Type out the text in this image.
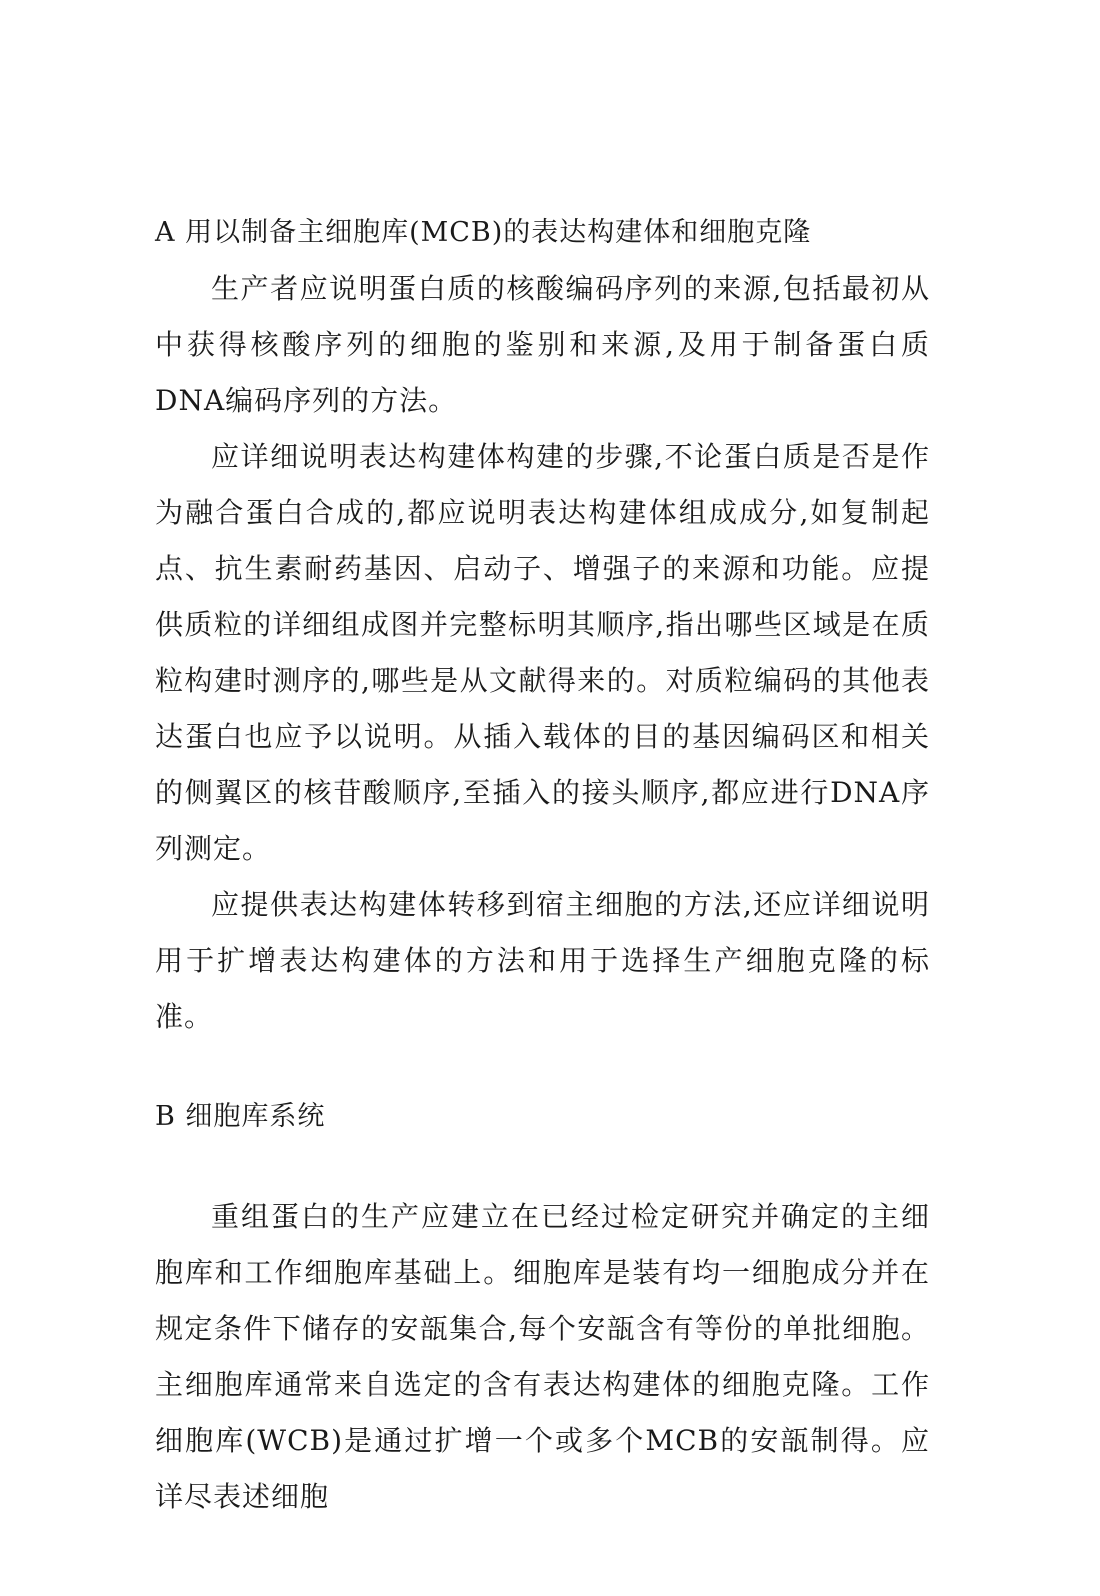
A 用以制备主细胞库(MCB)的表达构建体和细胞克隆

生产者应说明蛋白质的核酸编码序列的来源,包括最初从中获得核酸序列的细胞的鉴别和来源,及用于制备蛋白质DNA编码序列的方法。

应详细说明表达构建体构建的步骤,不论蛋白质是否是作为融合蛋白合成的,都应说明表达构建体组成成分,如复制起点、抗生素耐药基因、启动子、增强子的来源和功能。应提供质粒的详细组成图并完整标明其顺序,指出哪些区域是在质粒构建时测序的,哪些是从文献得来的。对质粒编码的其他表达蛋白也应予以说明。从插入载体的目的基因编码区和相关的侧翼区的核苷酸顺序,至插入的接头顺序,都应进行DNA序列测定。

应提供表达构建体转移到宿主细胞的方法,还应详细说明用于扩增表达构建体的方法和用于选择生产细胞克隆的标准。

B 细胞库系统

重组蛋白的生产应建立在已经过检定研究并确定的主细胞库和工作细胞库基础上。细胞库是装有均一细胞成分并在规定条件下储存的安瓿集合,每个安瓿含有等份的单批细胞。主细胞库通常来自选定的含有表达构建体的细胞克隆。工作细胞库(WCB)是通过扩增一个或多个MCB的安瓿制得。应详尽表述细胞
